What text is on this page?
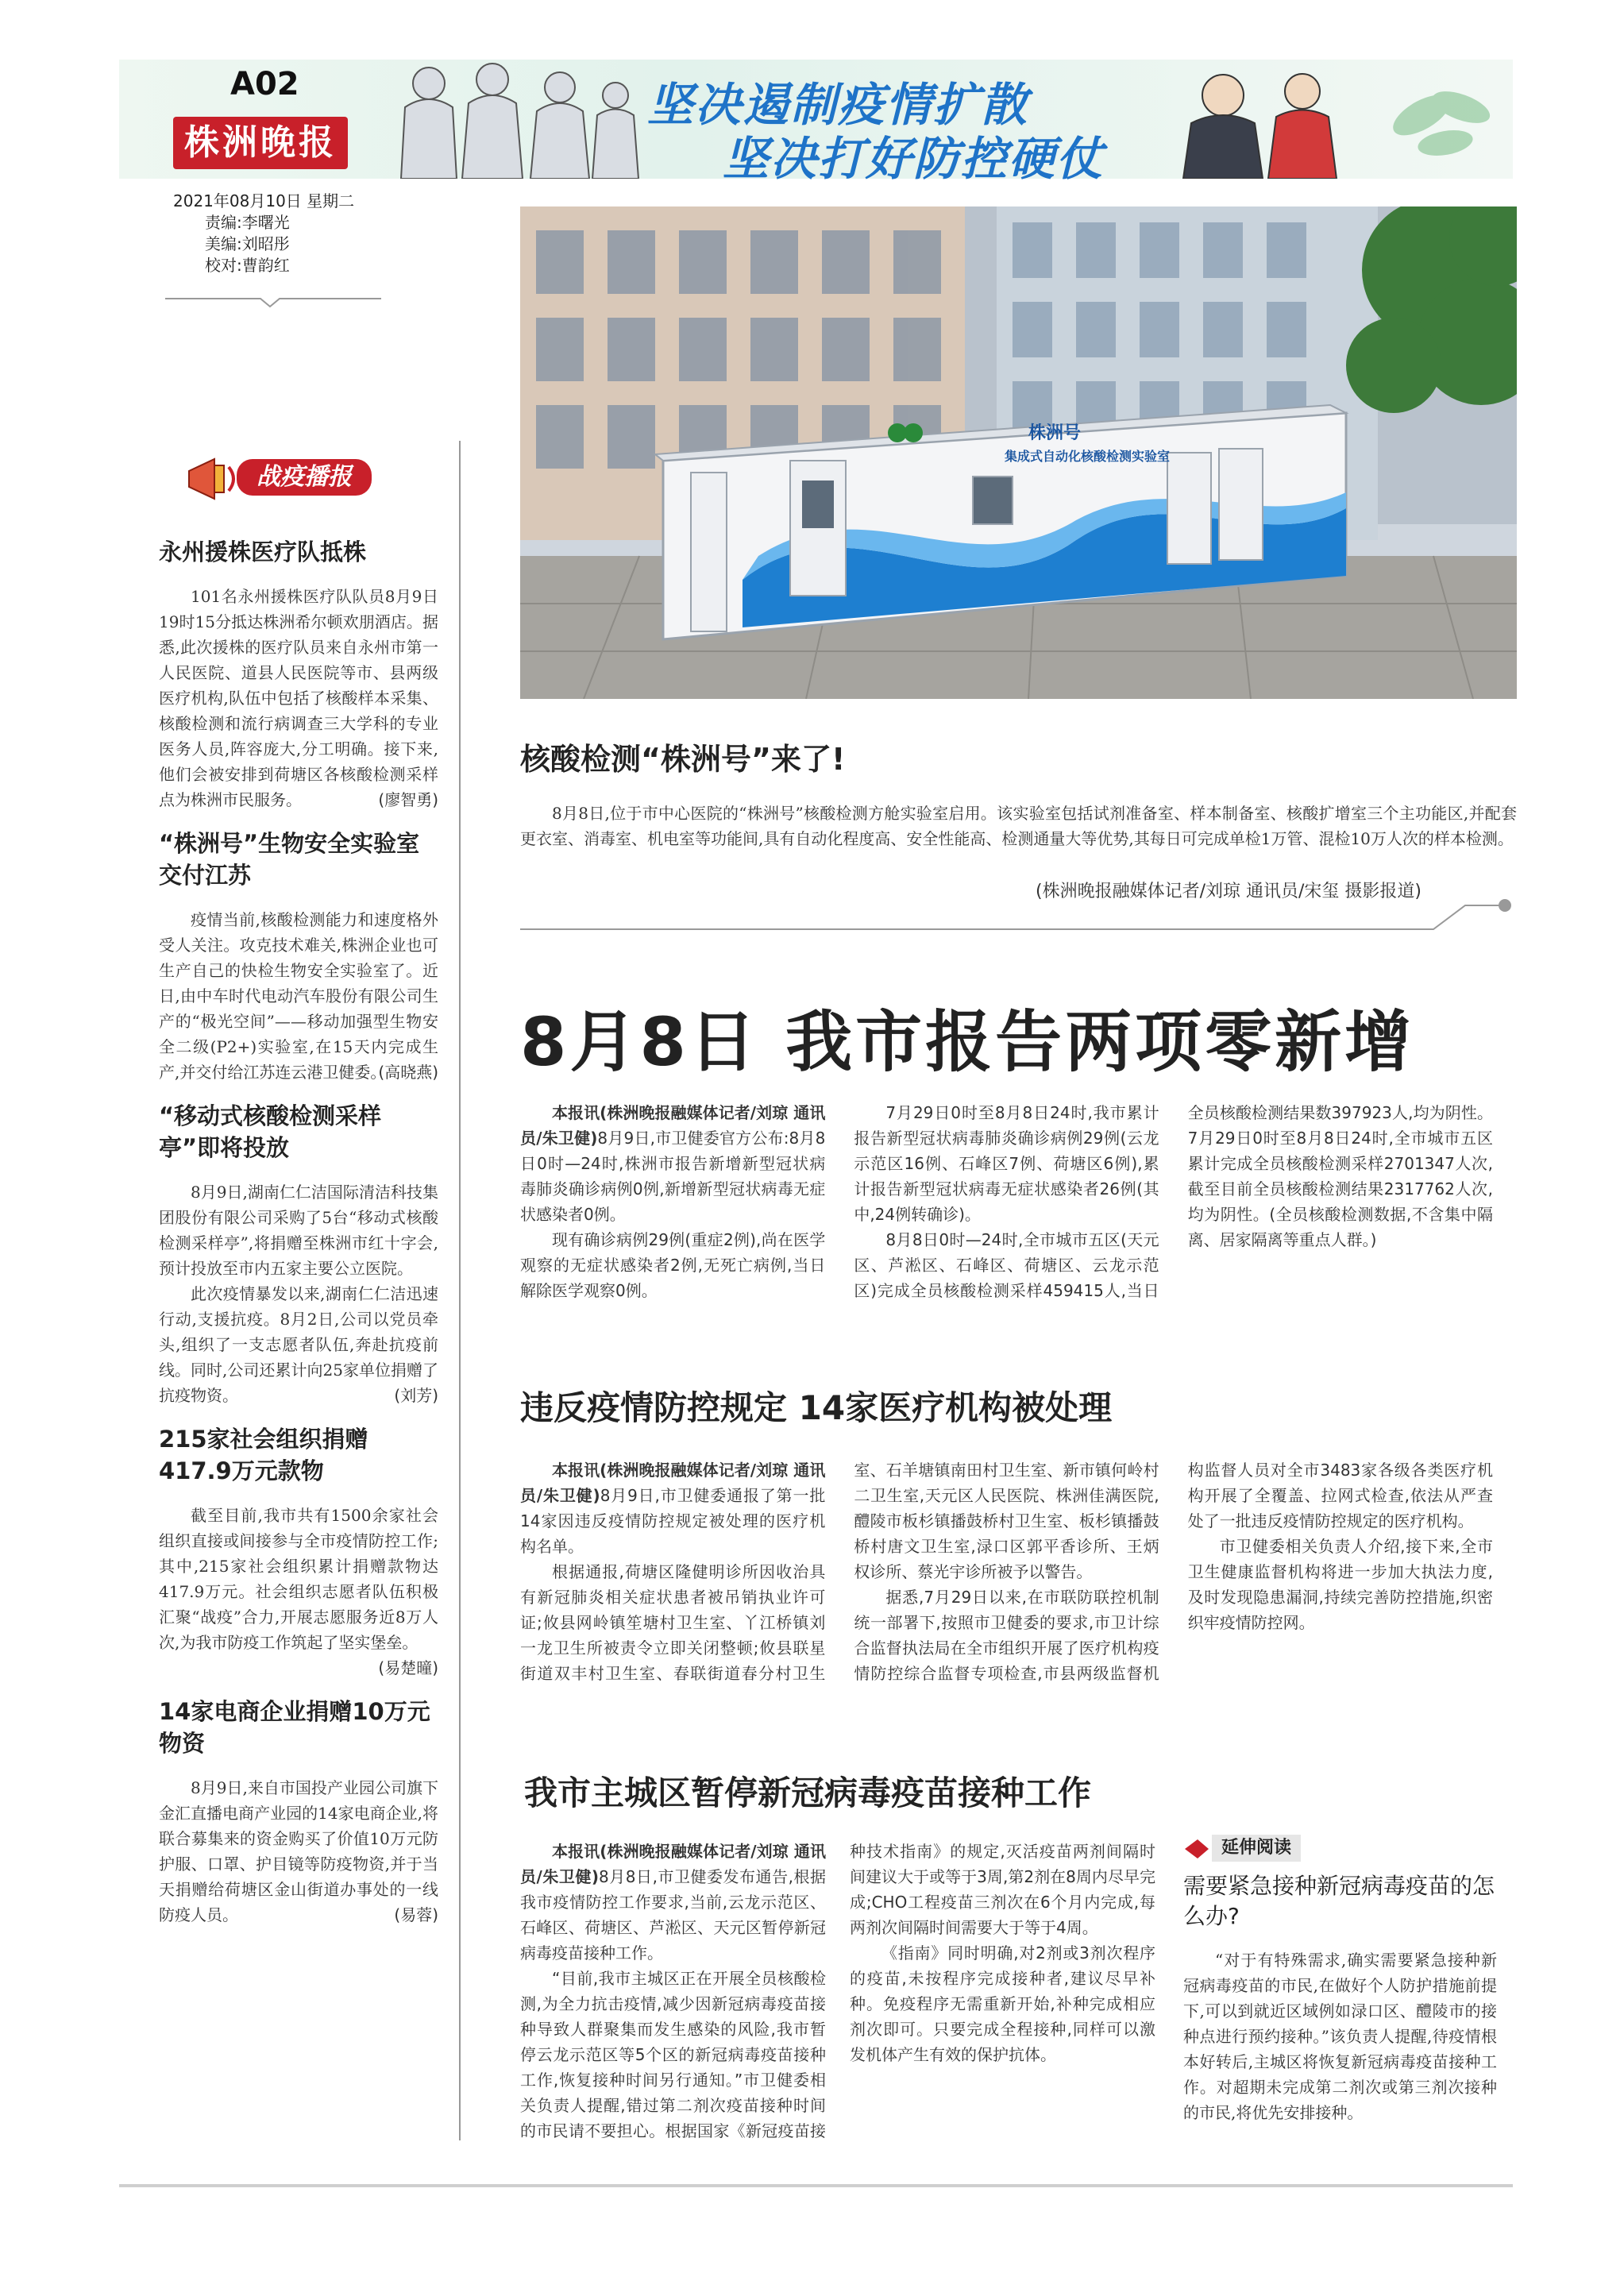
A02
株洲晚报
坚决遏制疫情扩散
坚决打好防控硬仗
2021年08月10日 星期二
责编:李曙光
美编:刘昭彤
校对:曹韵红
战疫播报
永州援株医疗队抵株

101名永州援株医疗队队员8月9日19时15分抵达株洲希尔顿欢朋酒店。据悉,此次援株的医疗队员来自永州市第一人民医院、道县人民医院等市、县两级医疗机构,队伍中包括了核酸样本采集、核酸检测和流行病调查三大学科的专业医务人员,阵容庞大,分工明确。接下来,他们会被安排到荷塘区各核酸检测采样点为株洲市民服务。	(廖智勇)
“株洲号”生物安全实验室交付江苏

疫情当前,核酸检测能力和速度格外受人关注。攻克技术难关,株洲企业也可生产自己的快检生物安全实验室了。近日,由中车时代电动汽车股份有限公司生产的“极光空间”——移动加强型生物安全二级(P2+)实验室,在15天内完成生产,并交付给江苏连云港卫健委。

(高晓燕)
“移动式核酸检测采样亭”即将投放

8月9日,湖南仁仁洁国际清洁科技集团股份有限公司采购了5台“移动式核酸检测采样亭”,将捐赠至株洲市红十字会,预计投放至市内五家主要公立医院。

此次疫情暴发以来,湖南仁仁洁迅速行动,支援抗疫。8月2日,公司以党员牵头,组织了一支志愿者队伍,奔赴抗疫前线。同时,公司还累计向25家单位捐赠了抗疫物资。	(刘芳)
215家社会组织捐赠417.9万元款物

截至目前,我市共有1500余家社会组织直接或间接参与全市疫情防控工作;其中,215家社会组织累计捐赠款物达417.9万元。社会组织志愿者队伍积极汇聚“战疫”合力,开展志愿服务近8万人次,为我市防疫工作筑起了坚实堡垒。

(易楚曈)
14家电商企业捐赠10万元物资

8月9日,来自市国投产业园公司旗下金汇直播电商产业园的14家电商企业,将联合募集来的资金购买了价值10万元防护服、口罩、护目镜等防疫物资,并于当天捐赠给荷塘区金山街道办事处的一线防疫人员。	(易蓉)
株洲号
集成式自动化核酸检测实验室
核酸检测“株洲号”来了!

8月8日,位于市中心医院的“株洲号”核酸检测方舱实验室启用。该实验室包括试剂准备室、样本制备室、核酸扩增室三个主功能区,并配套更衣室、消毒室、机电室等功能间,具有自动化程度高、安全性能高、检测通量大等优势,其每日可完成单检1万管、混检10万人次的样本检测。

(株洲晚报融媒体记者/刘琼 通讯员/宋玺 摄影报道)
8月8日 我市报告两项零新增

本报讯(株洲晚报融媒体记者/刘琼 通讯员/朱卫健)8月9日,市卫健委官方公布:8月8日0时—24时,株洲市报告新增新型冠状病毒肺炎确诊病例0例,新增新型冠状病毒无症状感染者0例。

现有确诊病例29例(重症2例),尚在医学观察的无症状感染者2例,无死亡病例,当日解除医学观察0例。

7月29日0时至8月8日24时,我市累计报告新型冠状病毒肺炎确诊病例29例(云龙示范区16例、石峰区7例、荷塘区6例),累计报告新型冠状病毒无症状感染者26例(其中,24例转确诊)。

8月8日0时—24时,全市城市五区(天元区、芦淞区、石峰区、荷塘区、云龙示范区)完成全员核酸检测采样459415人,当日全员核酸检测结果数397923人,均为阴性。7月29日0时至8月8日24时,全市城市五区累计完成全员核酸检测采样2701347人次,截至目前全员核酸检测结果2317762人次,均为阴性。(全员核酸检测数据,不含集中隔离、居家隔离等重点人群。)

违反疫情防控规定 14家医疗机构被处理

本报讯(株洲晚报融媒体记者/刘琼 通讯员/朱卫健)8月9日,市卫健委通报了第一批14家因违反疫情防控规定被处理的医疗机构名单。

根据通报,荷塘区隆健明诊所因收治具有新冠肺炎相关症状患者被吊销执业许可证;攸县网岭镇笙塘村卫生室、丫江桥镇刘一龙卫生所被责令立即关闭整顿;攸县联星街道双丰村卫生室、春联街道春分村卫生室、石羊塘镇南田村卫生室、新市镇何岭村二卫生室,天元区人民医院、株洲佳满医院,醴陵市板杉镇播鼓桥村卫生室、板杉镇播鼓桥村唐文卫生室,渌口区郭平香诊所、王炳权诊所、蔡光宇诊所被予以警告。

据悉,7月29日以来,在市联防联控机制统一部署下,按照市卫健委的要求,市卫计综合监督执法局在全市组织开展了医疗机构疫情防控综合监督专项检查,市县两级监督机构监督人员对全市3483家各级各类医疗机构开展了全覆盖、拉网式检查,依法从严查处了一批违反疫情防控规定的医疗机构。

市卫健委相关负责人介绍,接下来,全市卫生健康监督机构将进一步加大执法力度,及时发现隐患漏洞,持续完善防控措施,织密织牢疫情防控网。

我市主城区暂停新冠病毒疫苗接种工作

本报讯(株洲晚报融媒体记者/刘琼 通讯员/朱卫健)8月8日,市卫健委发布通告,根据我市疫情防控工作要求,当前,云龙示范区、石峰区、荷塘区、芦淞区、天元区暂停新冠病毒疫苗接种工作。

“目前,我市主城区正在开展全员核酸检测,为全力抗击疫情,减少因新冠病毒疫苗接种导致人群聚集而发生感染的风险,我市暂停云龙示范区等5个区的新冠病毒疫苗接种工作,恢复接种时间另行通知。”市卫健委相关负责人提醒,错过第二剂次疫苗接种时间的市民请不要担心。根据国家《新冠疫苗接种技术指南》的规定,灭活疫苗两剂间隔时间建议大于或等于3周,第2剂在8周内尽早完成;CHO工程疫苗三剂次在6个月内完成,每两剂次间隔时间需要大于等于4周。

《指南》同时明确,对2剂或3剂次程序的疫苗,未按程序完成接种者,建议尽早补种。免疫程序无需重新开始,补种完成相应剂次即可。只要完成全程接种,同样可以激发机体产生有效的保护抗体。

延伸阅读
需要紧急接种新冠病毒疫苗的怎么办?

“对于有特殊需求,确实需要紧急接种新冠病毒疫苗的市民,在做好个人防护措施前提下,可以到就近区域例如渌口区、醴陵市的接种点进行预约接种。”该负责人提醒,待疫情根本好转后,主城区将恢复新冠病毒疫苗接种工作。对超期未完成第二剂次或第三剂次接种的市民,将优先安排接种。
